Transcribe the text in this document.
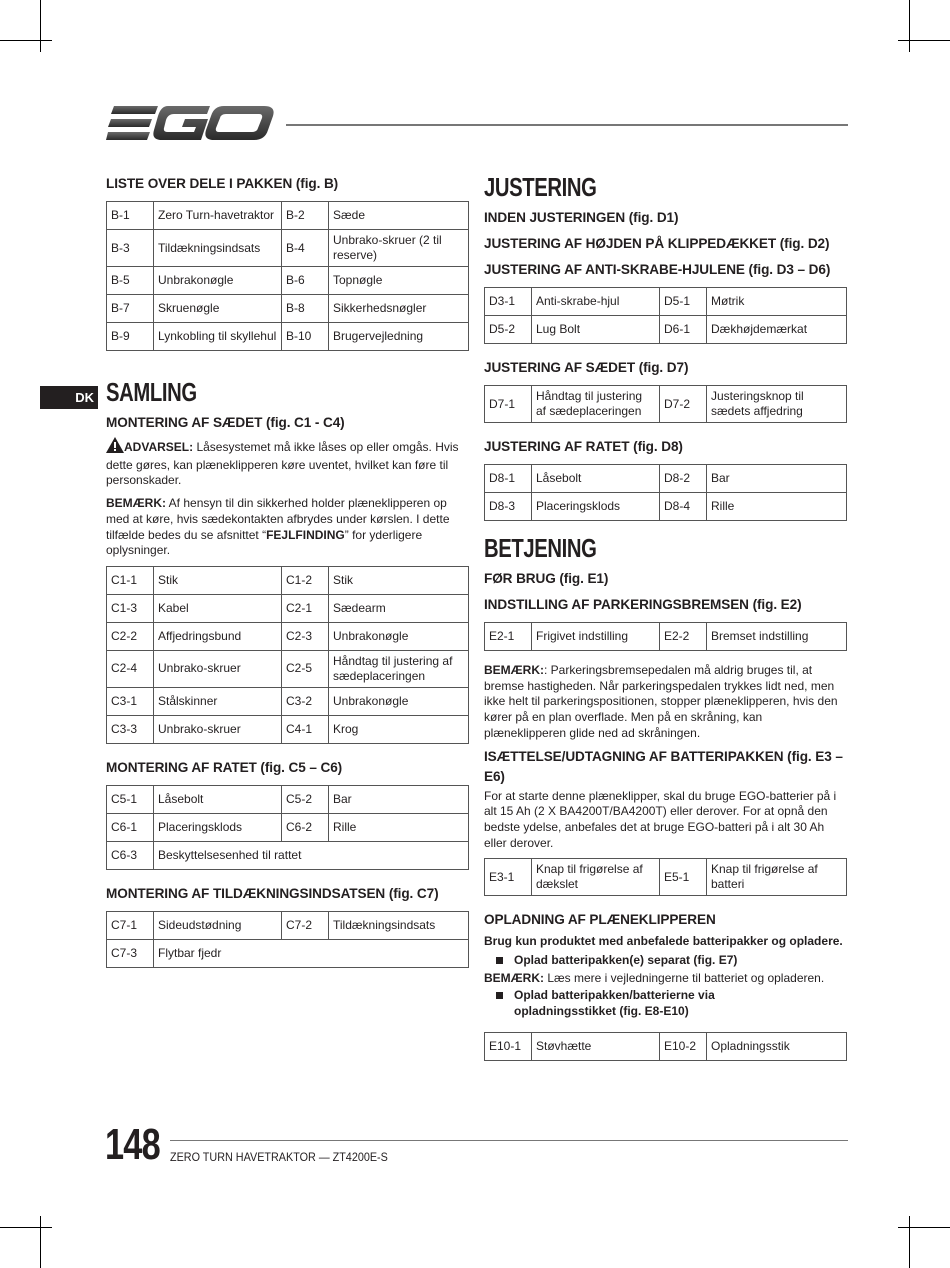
DK
LISTE OVER DELE I PAKKEN (fig. B)
B-1	Zero Turn-havetraktor	B-2	Sæde
B-3	Tildækningsindsats	B-4	Unbrako-skruer (2 til reserve)
B-5	Unbrakonøgle	B-6	Topnøgle
B-7	Skruenøgle	B-8	Sikkerhedsnøgler
B-9	Lynkobling til skyllehul	B-10	Brugervejledning
SAMLING
MONTERING AF SÆDET (fig. C1 - C4)

ADVARSEL: Låsesystemet må ikke låses op eller omgås. Hvis dette gøres, kan plæneklipperen køre uventet, hvilket kan føre til personskader.

BEMÆRK: Af hensyn til din sikkerhed holder plæneklipperen op med at køre, hvis sædekontakten afbrydes under kørslen. I dette tilfælde bedes du se afsnittet “FEJLFINDING” for yderligere oplysninger.

C1-1	Stik	C1-2	Stik
C1-3	Kabel	C2-1	Sædearm
C2-2	Affjedringsbund	C2-3	Unbrakonøgle
C2-4	Unbrako-skruer	C2-5	Håndtag til justering af sædeplaceringen
C3-1	Stålskinner	C3-2	Unbrakonøgle
C3-3	Unbrako-skruer	C4-1	Krog
MONTERING AF RATET (fig. C5 – C6)
C5-1	Låsebolt	C5-2	Bar
C6-1	Placeringsklods	C6-2	Rille
C6-3	Beskyttelsesenhed til rattet		
MONTERING AF TILDÆKNINGSINDSATSEN (fig. C7)
C7-1	Sideudstødning	C7-2	Tildækningsindsats
C7-3	Flytbar fjedr		
JUSTERING
INDEN JUSTERINGEN (fig. D1)
JUSTERING AF HØJDEN PÅ KLIPPEDÆKKET (fig. D2)
JUSTERING AF ANTI-SKRABE-HJULENE (fig. D3 – D6)
D3-1	Anti-skrabe-hjul	D5-1	Møtrik
D5-2	Lug Bolt	D6-1	Dækhøjdemærkat
JUSTERING AF SÆDET (fig. D7)
D7-1	Håndtag til justering af sædeplaceringen	D7-2	Justeringsknop til sædets affjedring
JUSTERING AF RATET (fig. D8)
D8-1	Låsebolt	D8-2	Bar
D8-3	Placeringsklods	D8-4	Rille
BETJENING
FØR BRUG (fig. E1)
INDSTILLING AF PARKERINGSBREMSEN (fig. E2)
E2-1	Frigivet indstilling	E2-2	Bremset indstilling

BEMÆRK:: Parkeringsbremsepedalen må aldrig bruges til, at bremse hastigheden. Når parkeringspedalen trykkes lidt ned, men ikke helt til parkeringspositionen, stopper plæneklipperen, hvis den kører på en plan overflade. Men på en skråning, kan plæneklipperen glide ned ad skråningen.

ISÆTTELSE/UDTAGNING AF BATTERIPAKKEN (fig. E3 – E6)

For at starte denne plæneklipper, skal du bruge EGO-batterier på i alt 15 Ah (2 X BA4200T/BA4200T) eller derover. For at opnå den bedste ydelse, anbefales det at bruge EGO-batteri på i alt 30 Ah eller derover.

E3-1	Knap til frigørelse af dækslet	E5-1	Knap til frigørelse af batteri
OPLADNING AF PLÆNEKLIPPEREN

Brug kun produktet med anbefalede batteripakker og opladere.

Oplad batteripakken(e) separat (fig. E7)

BEMÆRK: Læs mere i vejledningerne til batteriet og opladeren.

Oplad batteripakken/batterierne via opladningsstikket (fig. E8-E10)
E10-1	Støvhætte	E10-2	Opladningsstik
148 ZERO TURN HAVETRAKTOR — ZT4200E-S
